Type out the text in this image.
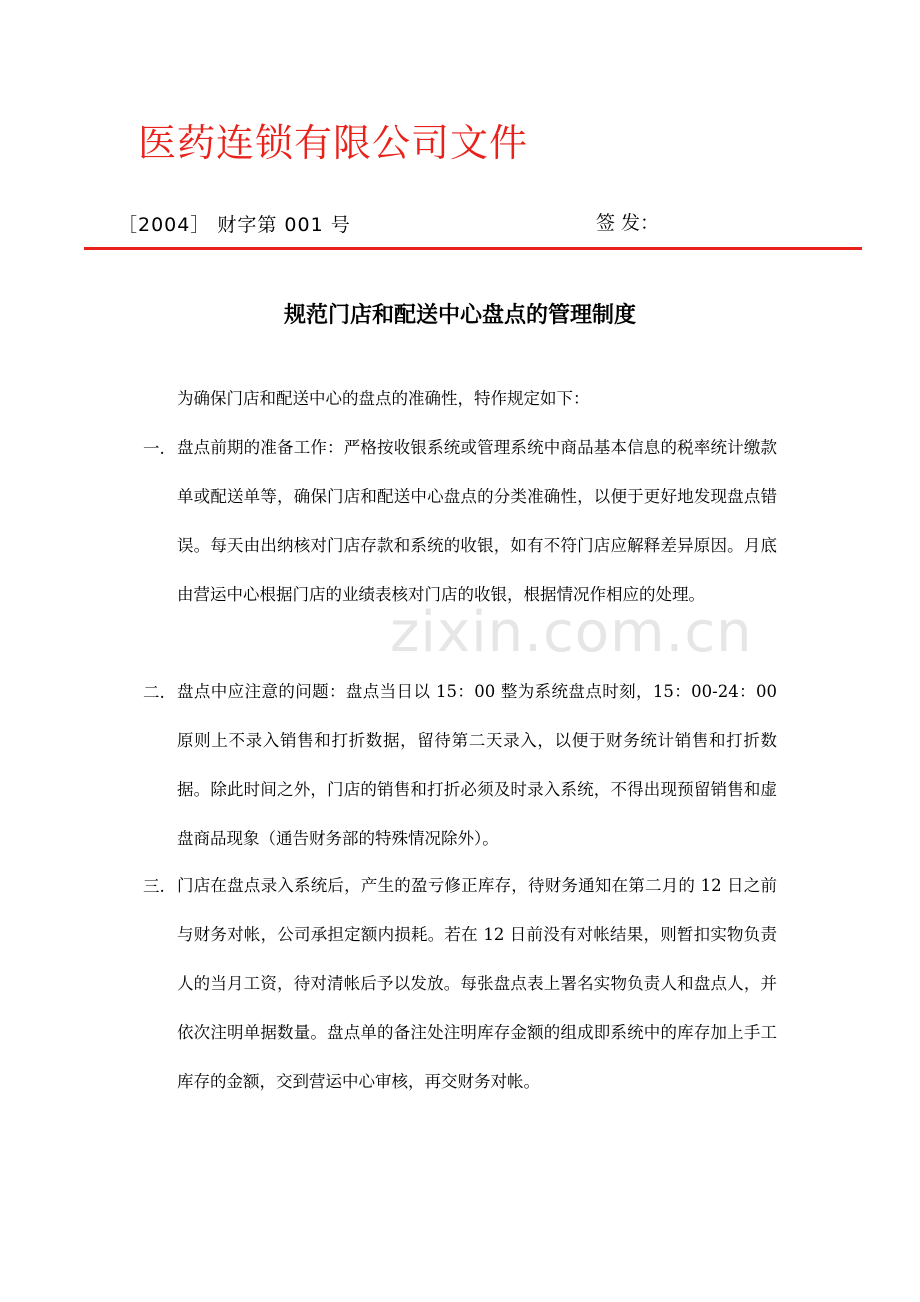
zixin.com.cn
医药连锁有限公司文件
［2004］ 财字第 001 号	签 发：
规范门店和配送中心盘点的管理制度
为确保门店和配送中心的盘点的准确性，特作规定如下：
一. 盘点前期的准备工作：严格按收银系统或管理系统中商品基本信息的税率统计缴款单或配送单等，确保门店和配送中心盘点的分类准确性，以便于更好地发现盘点错误。每天由出纳核对门店存款和系统的收银，如有不符门店应解释差异原因。月底由营运中心根据门店的业绩表核对门店的收银，根据情况作相应的处理。
二. 盘点中应注意的问题：盘点当日以 15：00 整为系统盘点时刻，15：00-24：00 原则上不录入销售和打折数据，留待第二天录入，以便于财务统计销售和打折数据。除此时间之外，门店的销售和打折必须及时录入系统，不得出现预留销售和虚盘商品现象（通告财务部的特殊情况除外）。
三. 门店在盘点录入系统后，产生的盈亏修正库存，待财务通知在第二月的 12 日之前与财务对帐，公司承担定额内损耗。若在 12 日前没有对帐结果，则暂扣实物负责人的当月工资，待对清帐后予以发放。每张盘点表上署名实物负责人和盘点人，并依次注明单据数量。盘点单的备注处注明库存金额的组成即系统中的库存加上手工库存的金额，交到营运中心审核，再交财务对帐。
